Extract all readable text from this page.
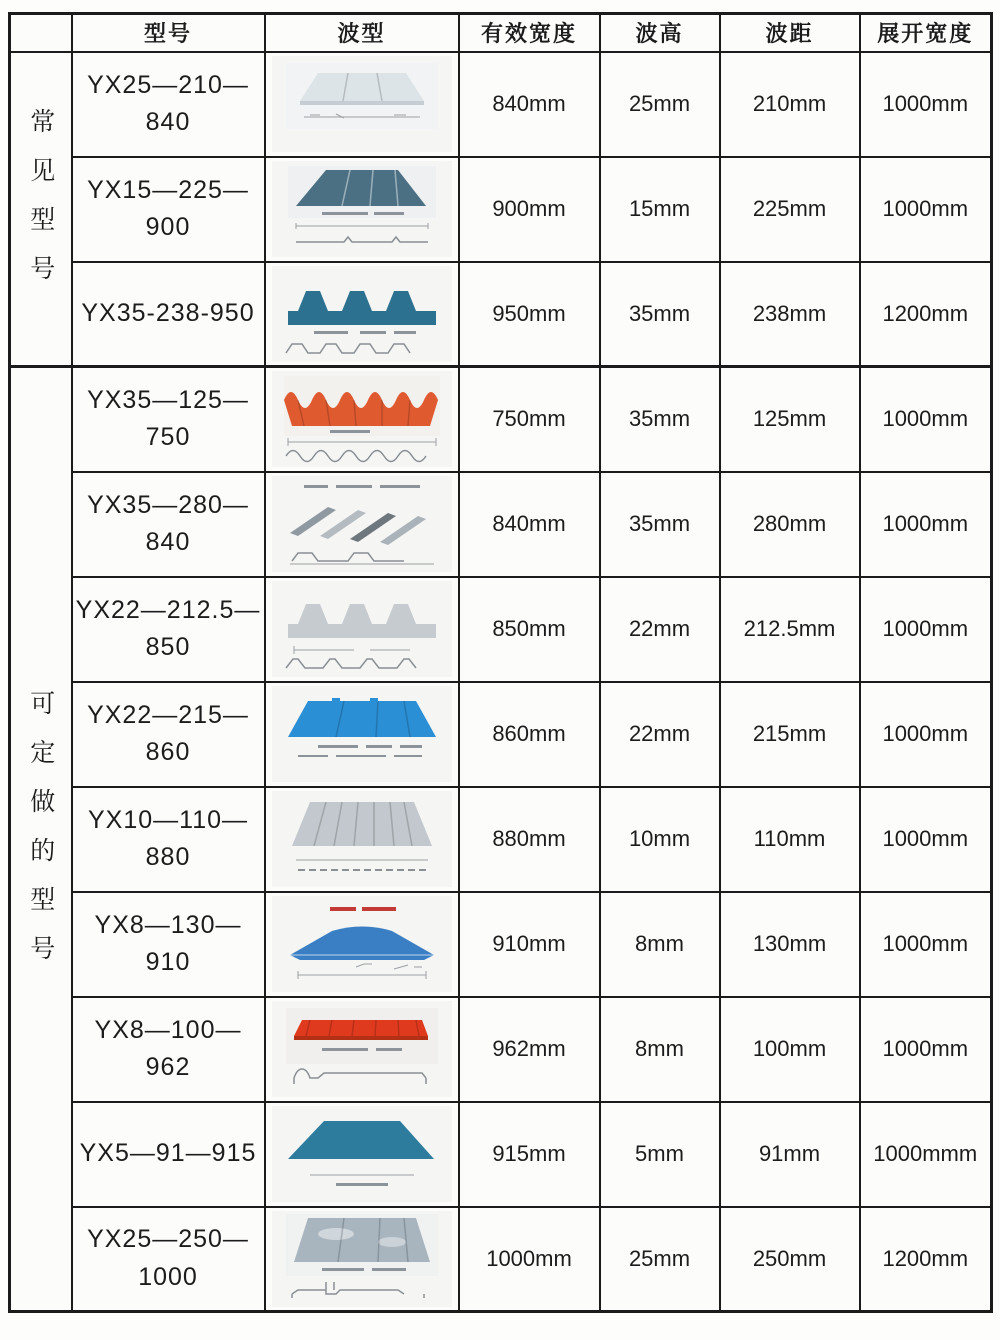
	型号	波型	有效宽度	波高	波距	展开宽度
常见型号	YX25—210—840		840mm	25mm	210mm	1000mm
	YX15—225—900		900mm	15mm	225mm	1000mm
	YX35-238-950		950mm	35mm	238mm	1200mm
可定做的型号	YX35—125—750		750mm	35mm	125mm	1000mm
	YX35—280—840		840mm	35mm	280mm	1000mm
	YX22—212.5—850		850mm	22mm	212.5mm	1000mm
	YX22—215—860		860mm	22mm	215mm	1000mm
	YX10—110—880		880mm	10mm	110mm	1000mm
	YX8—130—910		910mm	8mm	130mm	1000mm
	YX8—100—962		962mm	8mm	100mm	1000mm
	YX5—91—915		915mm	5mm	91mm	1000mmm
	YX25—250—1000		1000mm	25mm	250mm	1200mm
